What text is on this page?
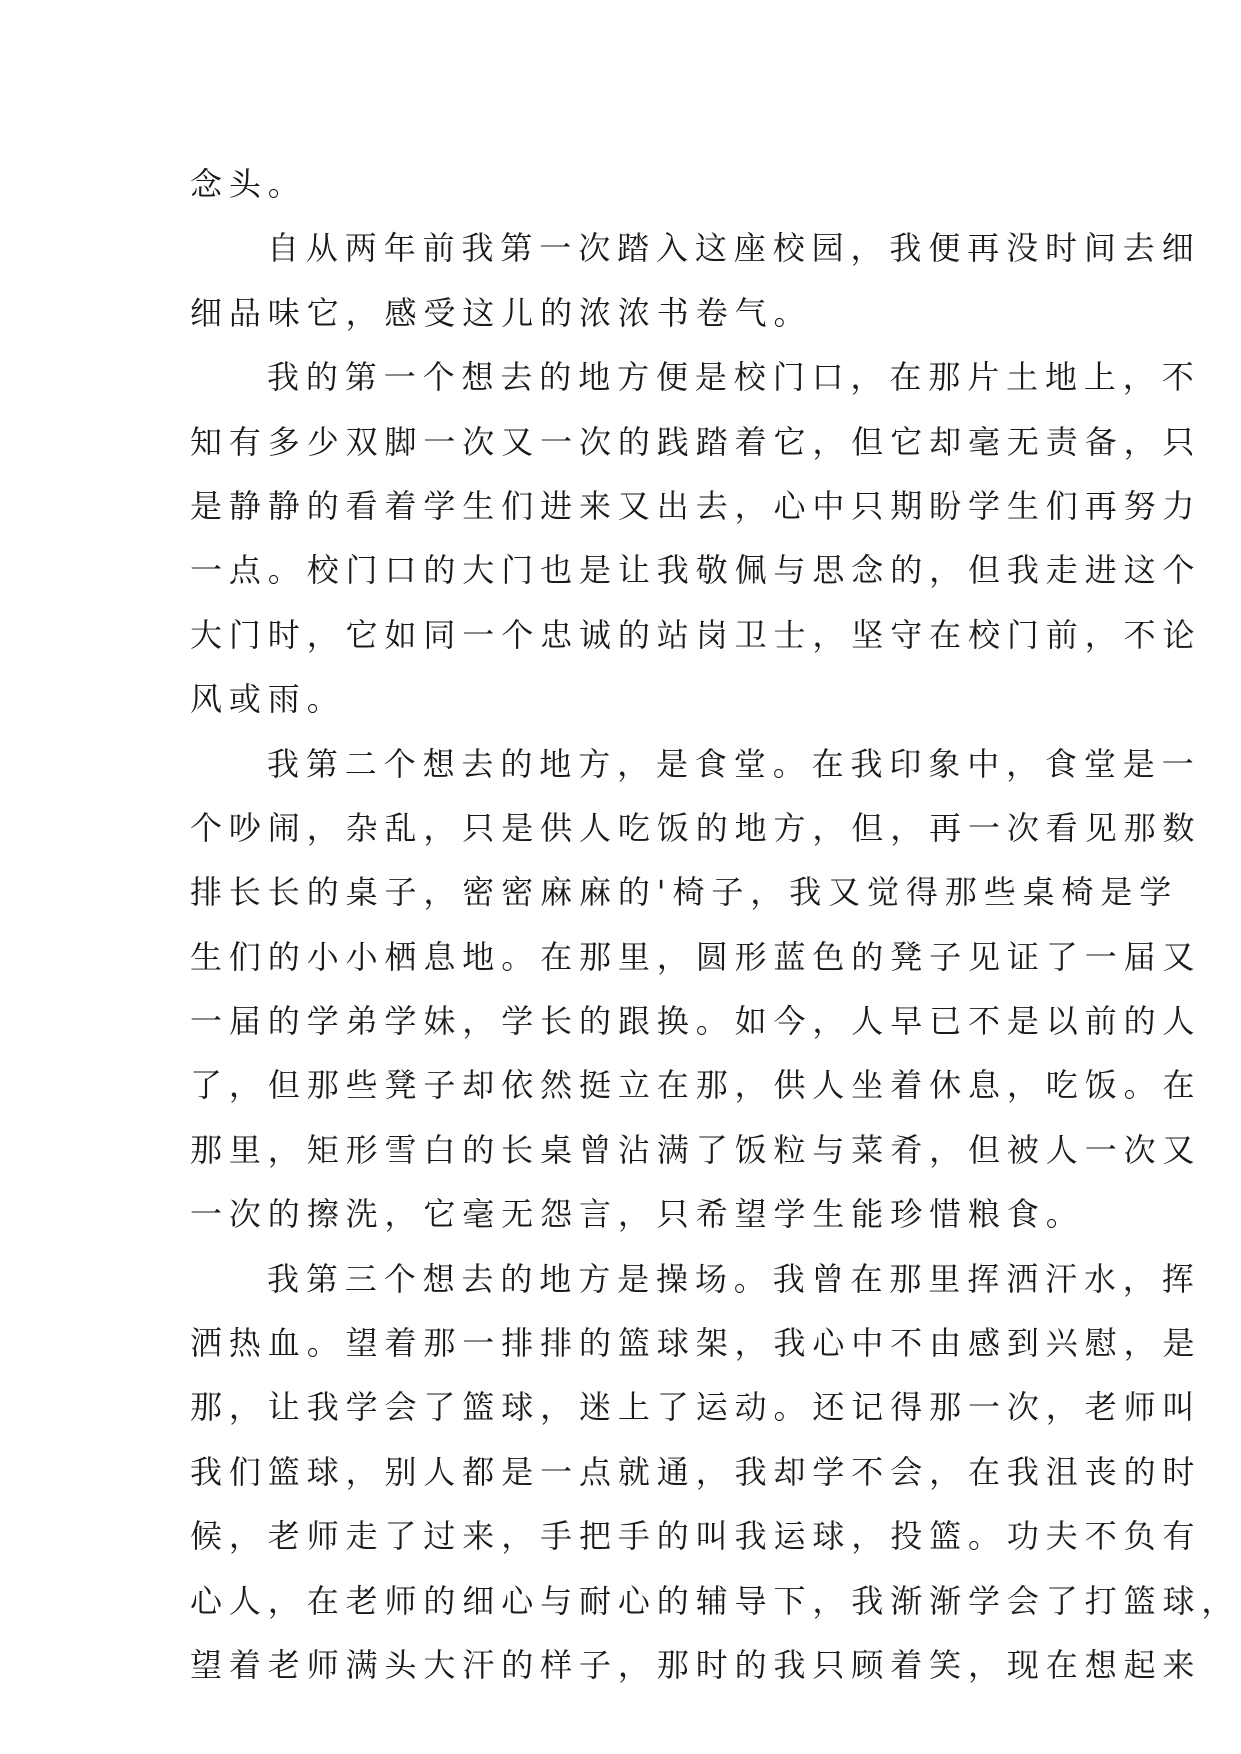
念头。
自从两年前我第一次踏入这座校园，我便再没时间去细
细品味它，感受这儿的浓浓书卷气。
我的第一个想去的地方便是校门口，在那片土地上，不
知有多少双脚一次又一次的践踏着它，但它却毫无责备，只
是静静的看着学生们进来又出去，心中只期盼学生们再努力
一点。校门口的大门也是让我敬佩与思念的，但我走进这个
大门时，它如同一个忠诚的站岗卫士，坚守在校门前，不论
风或雨。
我第二个想去的地方，是食堂。在我印象中，食堂是一
个吵闹，杂乱，只是供人吃饭的地方，但，再一次看见那数
排长长的桌子，密密麻麻的'椅子，我又觉得那些桌椅是学
生们的小小栖息地。在那里，圆形蓝色的凳子见证了一届又
一届的学弟学妹，学长的跟换。如今，人早已不是以前的人
了，但那些凳子却依然挺立在那，供人坐着休息，吃饭。在
那里，矩形雪白的长桌曾沾满了饭粒与菜肴，但被人一次又
一次的擦洗，它毫无怨言，只希望学生能珍惜粮食。
我第三个想去的地方是操场。我曾在那里挥洒汗水，挥
洒热血。望着那一排排的篮球架，我心中不由感到兴慰，是
那，让我学会了篮球，迷上了运动。还记得那一次，老师叫
我们篮球，别人都是一点就通，我却学不会，在我沮丧的时
候，老师走了过来，手把手的叫我运球，投篮。功夫不负有
心人，在老师的细心与耐心的辅导下，我渐渐学会了打篮球，
望着老师满头大汗的样子，那时的我只顾着笑，现在想起来
